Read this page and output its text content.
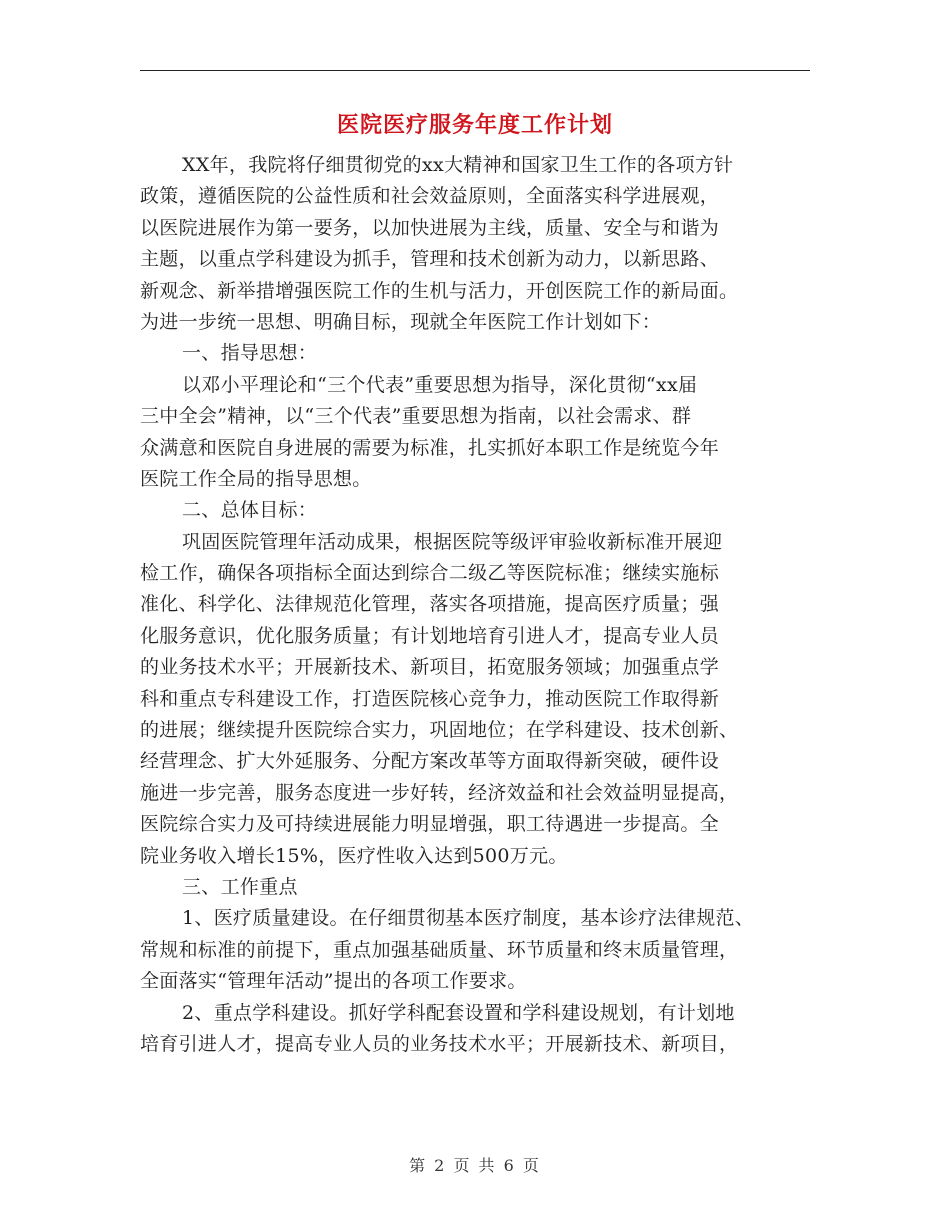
医院医疗服务年度工作计划
XX年，我院将仔细贯彻党的xx大精神和国家卫生工作的各项方针
政策，遵循医院的公益性质和社会效益原则，全面落实科学进展观，
以医院进展作为第一要务，以加快进展为主线，质量、安全与和谐为
主题，以重点学科建设为抓手，管理和技术创新为动力，以新思路、
新观念、新举措增强医院工作的生机与活力，开创医院工作的新局面。
为进一步统一思想、明确目标，现就全年医院工作计划如下：
一、指导思想：
以邓小平理论和“三个代表”重要思想为指导，深化贯彻“xx届
三中全会”精神，以“三个代表”重要思想为指南，以社会需求、群
众满意和医院自身进展的需要为标准，扎实抓好本职工作是统览今年
医院工作全局的指导思想。
二、总体目标：
巩固医院管理年活动成果，根据医院等级评审验收新标准开展迎
检工作，确保各项指标全面达到综合二级乙等医院标准；继续实施标
准化、科学化、法律规范化管理，落实各项措施，提高医疗质量；强
化服务意识，优化服务质量；有计划地培育引进人才，提高专业人员
的业务技术水平；开展新技术、新项目，拓宽服务领域；加强重点学
科和重点专科建设工作，打造医院核心竞争力，推动医院工作取得新
的进展；继续提升医院综合实力，巩固地位；在学科建设、技术创新、
经营理念、扩大外延服务、分配方案改革等方面取得新突破，硬件设
施进一步完善，服务态度进一步好转，经济效益和社会效益明显提高，
医院综合实力及可持续进展能力明显增强，职工待遇进一步提高。全
院业务收入增长15%，医疗性收入达到500万元。
三、工作重点
1、医疗质量建设。在仔细贯彻基本医疗制度，基本诊疗法律规范、
常规和标准的前提下，重点加强基础质量、环节质量和终末质量管理，
全面落实“管理年活动”提出的各项工作要求。
2、重点学科建设。抓好学科配套设置和学科建设规划，有计划地
培育引进人才，提高专业人员的业务技术水平；开展新技术、新项目，
第 2 页 共 6 页
